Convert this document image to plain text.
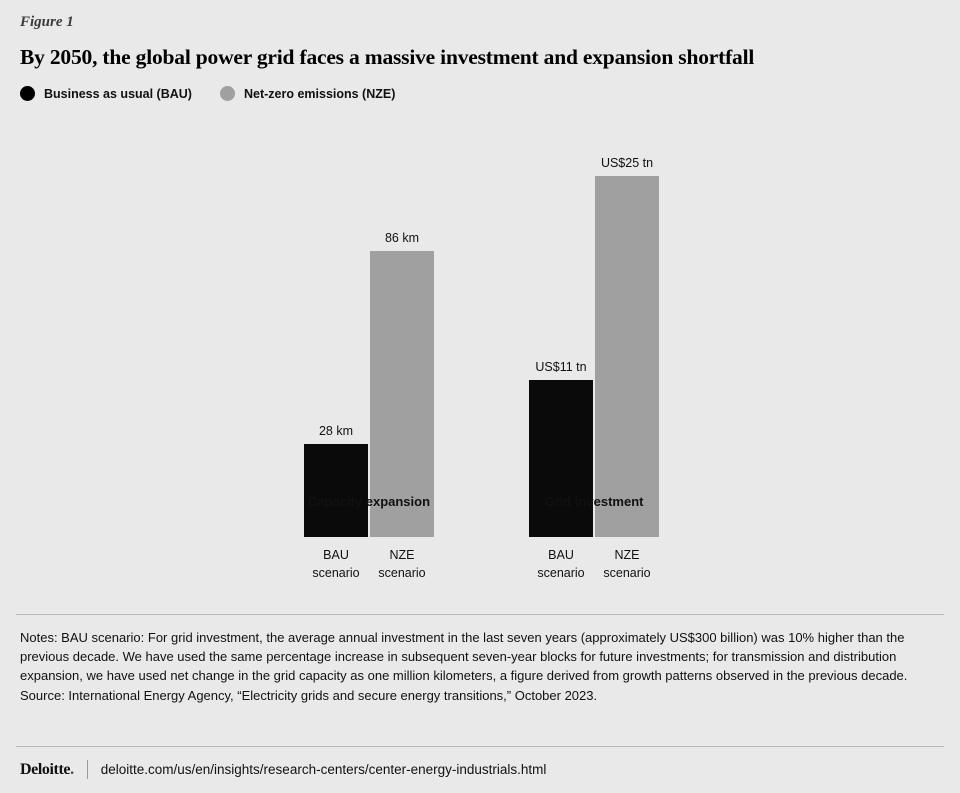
Figure 1
By 2050, the global power grid faces a massive investment and expansion shortfall
Business as usual (BAU)	Net-zero emissions (NZE)
28 km
BAU
scenario
86 km
NZE
scenario
Capacity expansion
US$11 tn
BAU
scenario
US$25 tn
NZE
scenario
Grid investment

Notes: BAU scenario: For grid investment, the average annual investment in the last seven years (approximately US$300 billion) was 10% higher than the previous decade. We have used the same percentage increase in subsequent seven-year blocks for future investments; for transmission and distribution expansion, we have used net change in the grid capacity as one million kilometers, a figure derived from growth patterns observed in the previous decade.

Source: International Energy Agency, “Electricity grids and secure energy transitions,” October 2023.

Deloitte. deloitte.com/us/en/insights/research-centers/center-energy-industrials.html
